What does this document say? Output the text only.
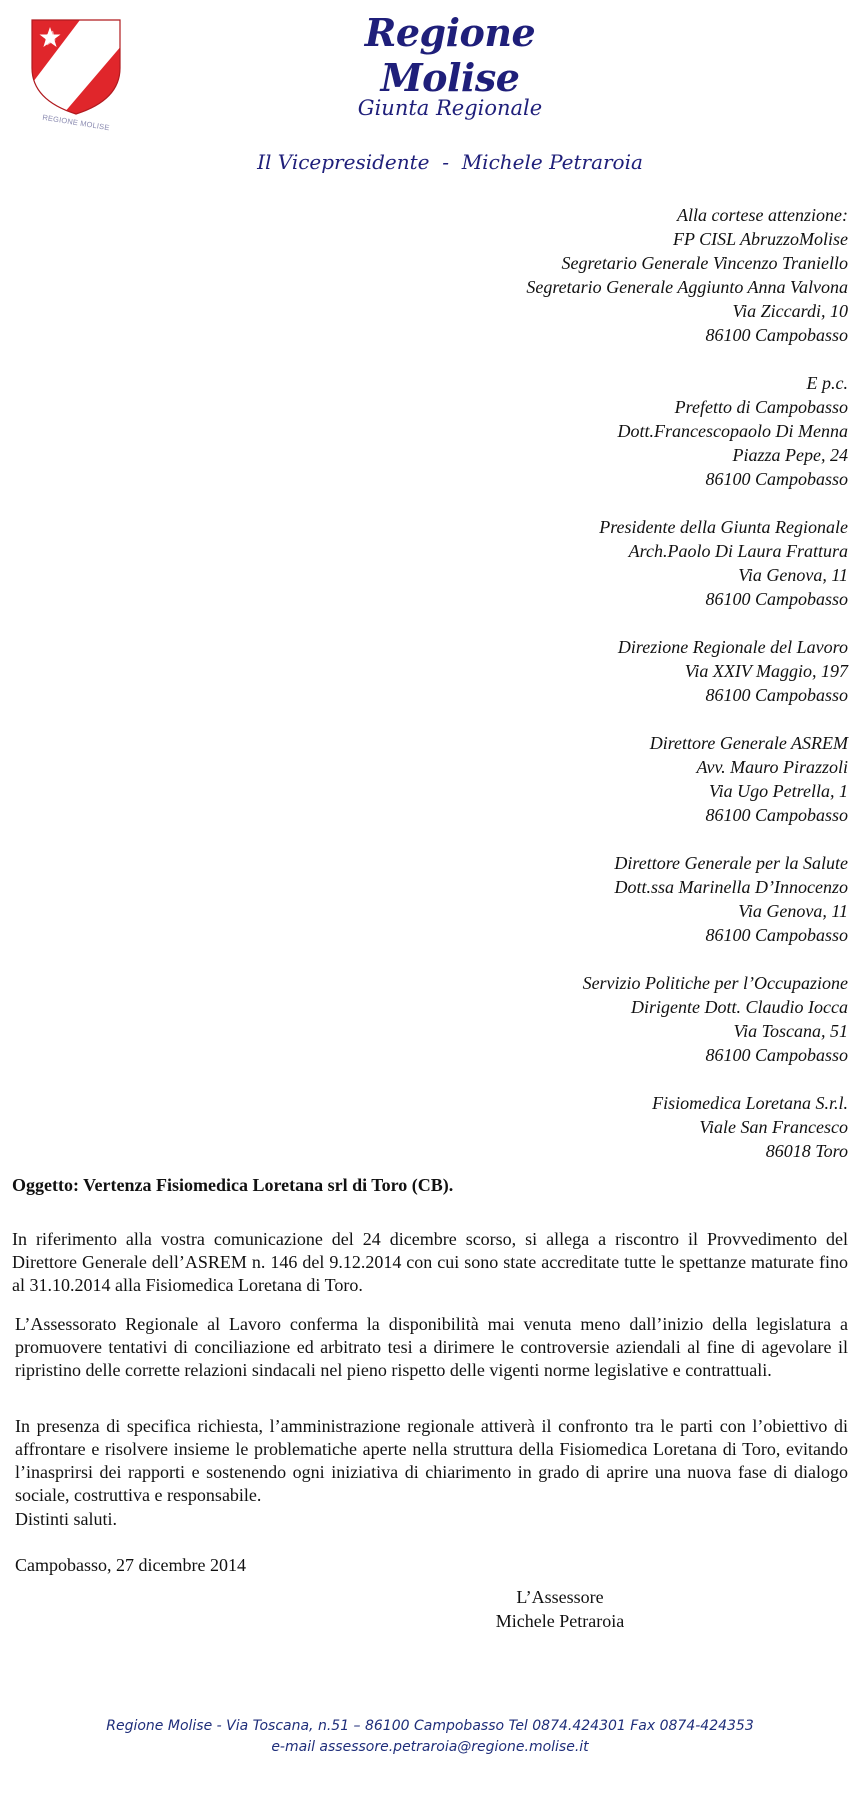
REGIONE MOLISE
Regione Molise
Giunta Regionale
Il Vicepresidente  -  Michele Petraroia
Alla cortese attenzione:
FP CISL AbruzzoMolise
Segretario Generale Vincenzo Traniello
Segretario Generale Aggiunto Anna Valvona
Via Ziccardi, 10
86100 Campobasso
E p.c.
Prefetto di Campobasso
Dott.Francescopaolo Di Menna
Piazza Pepe, 24
86100 Campobasso
Presidente della Giunta Regionale
Arch.Paolo Di Laura Frattura
Via Genova, 11
86100 Campobasso
Direzione Regionale del Lavoro
Via XXIV Maggio, 197
86100 Campobasso
Direttore Generale ASREM
Avv. Mauro Pirazzoli
Via Ugo Petrella, 1
86100 Campobasso
Direttore Generale per la Salute
Dott.ssa Marinella D’Innocenzo
Via Genova, 11
86100 Campobasso
Servizio Politiche per l’Occupazione
Dirigente Dott. Claudio Iocca
Via Toscana, 51
86100 Campobasso
Fisiomedica Loretana S.r.l.
Viale San Francesco
86018 Toro
Oggetto: Vertenza Fisiomedica Loretana srl di Toro (CB).
In riferimento alla vostra comunicazione del 24 dicembre scorso, si allega a riscontro il Provvedimento del Direttore Generale dell’ASREM n. 146 del 9.12.2014 con cui sono state accreditate tutte le spettanze maturate fino al 31.10.2014 alla Fisiomedica Loretana di Toro.
L’Assessorato Regionale al Lavoro conferma la disponibilità mai venuta meno dall’inizio della legislatura a promuovere tentativi di conciliazione ed arbitrato tesi a dirimere le controversie aziendali al fine di agevolare il ripristino delle corrette relazioni sindacali nel pieno rispetto delle vigenti norme legislative e contrattuali.
In presenza di specifica richiesta, l’amministrazione regionale attiverà il confronto tra le parti con l’obiettivo di affrontare e risolvere insieme le problematiche aperte nella struttura della Fisiomedica Loretana di Toro, evitando l’inasprirsi dei rapporti e sostenendo ogni iniziativa di chiarimento in grado di aprire una nuova fase di dialogo sociale, costruttiva e responsabile.
Distinti saluti.
Campobasso, 27 dicembre 2014
L’Assessore
Michele Petraroia
Regione Molise - Via Toscana, n.51 – 86100 Campobasso Tel 0874.424301 Fax 0874-424353
e-mail assessore.petraroia@regione.molise.it
